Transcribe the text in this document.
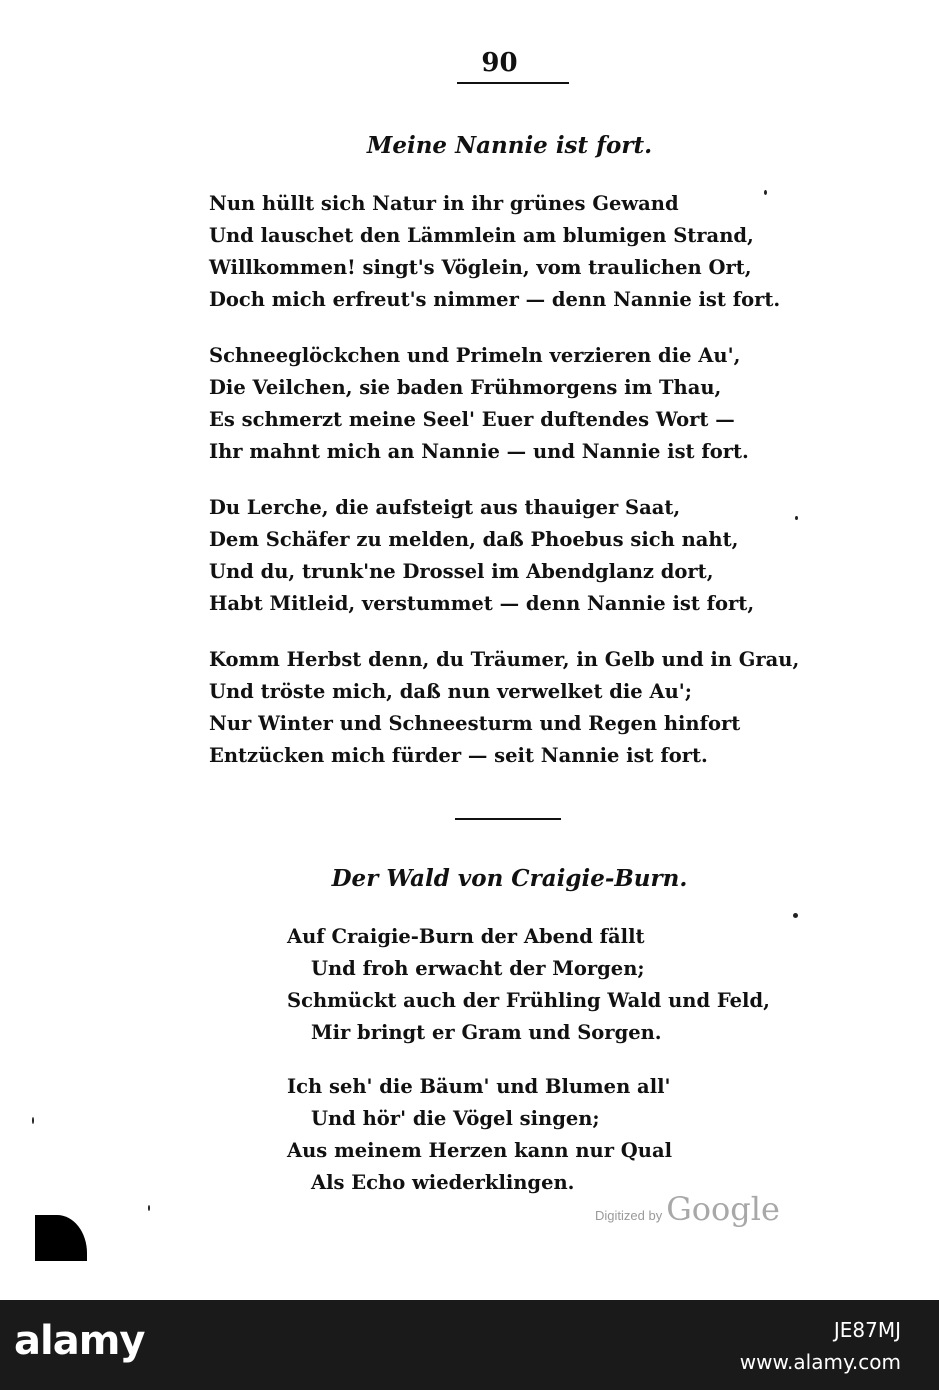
90
Meine Nannie ist fort.
Nun hüllt sich Natur in ihr grünes Gewand
Und lauschet den Lämmlein am blumigen Strand,
Willkommen! singt's Vöglein, vom traulichen Ort,
Doch mich erfreut's nimmer — denn Nannie ist fort.
Schneeglöckchen und Primeln verzieren die Au',
Die Veilchen, sie baden Frühmorgens im Thau,
Es schmerzt meine Seel' Euer duftendes Wort —
Ihr mahnt mich an Nannie — und Nannie ist fort.
Du Lerche, die aufsteigt aus thauiger Saat,
Dem Schäfer zu melden, daß Phoebus sich naht,
Und du, trunk'ne Drossel im Abendglanz dort,
Habt Mitleid, verstummet — denn Nannie ist fort,
Komm Herbst denn, du Träumer, in Gelb und in Grau,
Und tröste mich, daß nun verwelket die Au';
Nur Winter und Schneesturm und Regen hinfort
Entzücken mich fürder — seit Nannie ist fort.
Der Wald von Craigie-Burn.
Auf Craigie-Burn der Abend fällt
Und froh erwacht der Morgen;
Schmückt auch der Frühling Wald und Feld,
Mir bringt er Gram und Sorgen.
Ich seh' die Bäum' und Blumen all'
Und hör' die Vögel singen;
Aus meinem Herzen kann nur Qual
Als Echo wiederklingen.
Digitized by Google
alamy	JE87MJ
www.alamy.com
